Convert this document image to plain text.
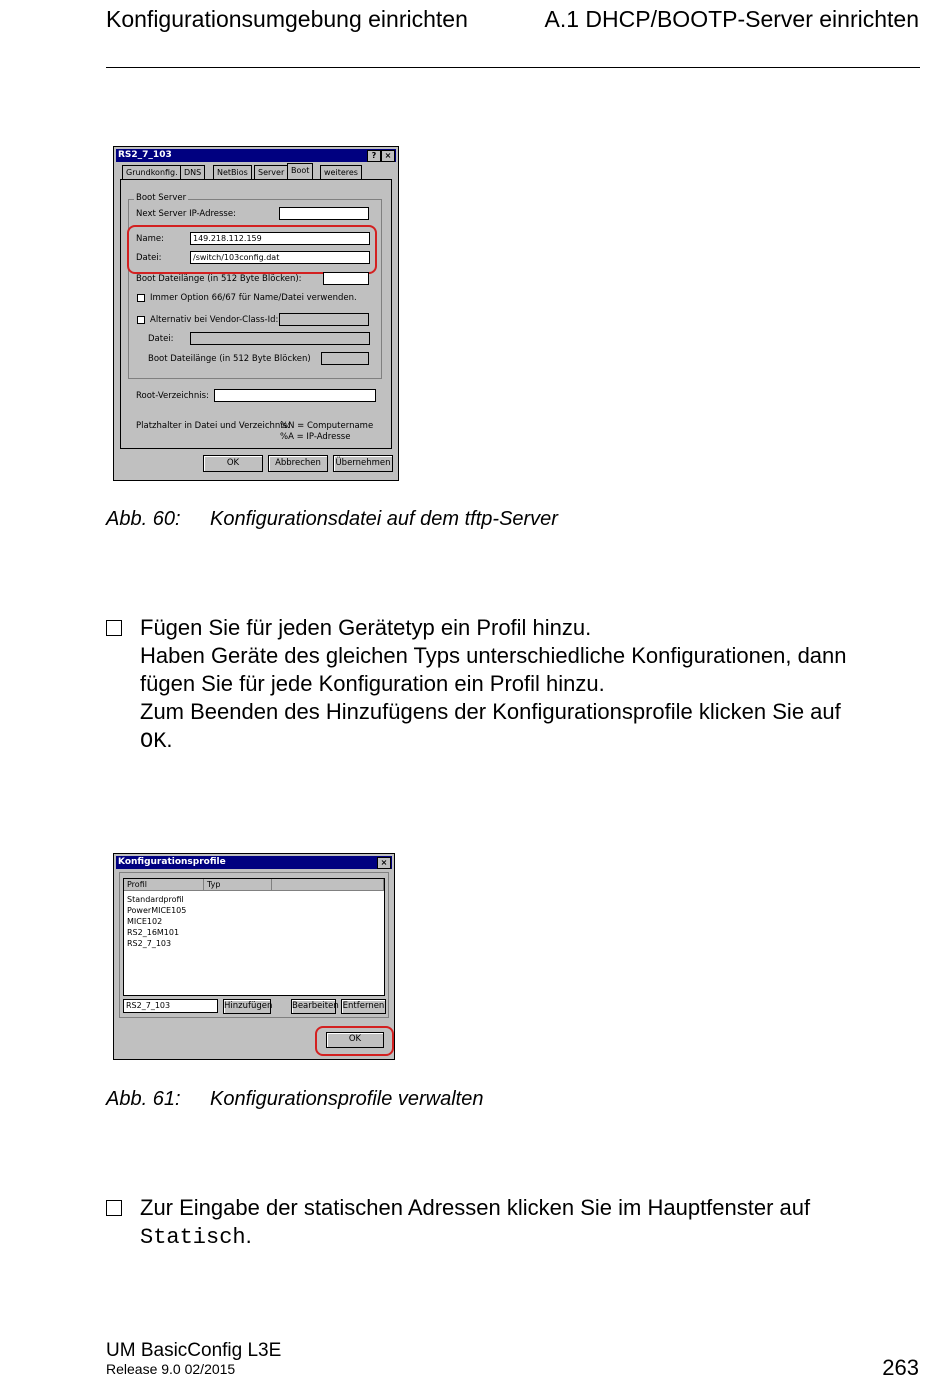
Konfigurationsumgebung einrichten	A.1 DHCP/BOOTP-Server einrichten
RS2_7_103	?	×
Grundkonfig. DNS	NetBios	Server Boot	weiteres
Boot Server
Next Server IP-Adresse:
Name:	149.218.112.159
Datei:	/switch/103config.dat
Boot Dateilänge (in 512 Byte Blöcken):
Immer Option 66/67 für Name/Datei verwenden.
Alternativ bei Vendor-Class-Id:
Datei:
Boot Dateilänge (in 512 Byte Blöcken)
Root-Verzeichnis:
Platzhalter in Datei und Verzeichnis:
%N = Computername
%A = IP-Adresse
OK	Abbrechen	Übernehmen
Abb. 60: Konfigurationsdatei auf dem tftp-Server
Fügen Sie für jeden Gerätetyp ein Profil hinzu.
Haben Geräte des gleichen Typs unterschiedliche Konfigurationen, dann
fügen Sie für jede Konfiguration ein Profil hinzu.
Zum Beenden des Hinzufügens der Konfigurationsprofile klicken Sie auf
OK.
Konfigurationsprofile	×
Profil	Typ
Standardprofil
PowerMICE105
MICE102
RS2_16M101
RS2_7_103
RS2_7_103	Hinzufügen Bearbeiten Entfernen
OK
Abb. 61: Konfigurationsprofile verwalten
Zur Eingabe der statischen Adressen klicken Sie im Hauptfenster auf
Statisch.
UM BasicConfig L3E
Release 9.0 02/2015	263
